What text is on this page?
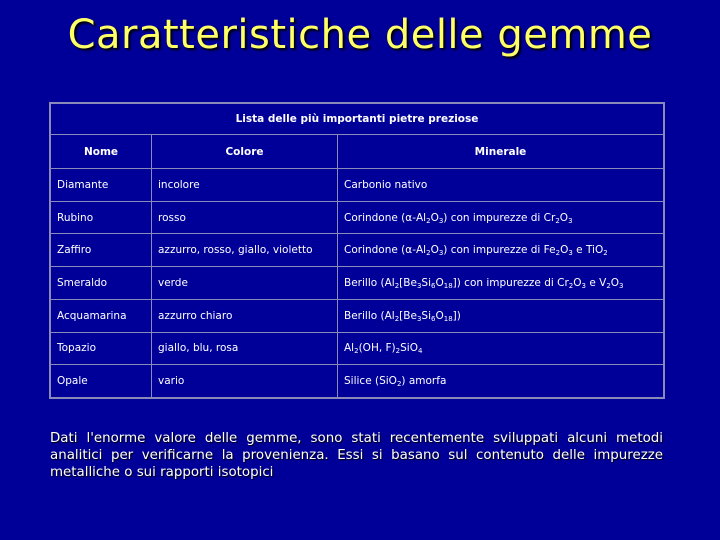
Caratteristiche delle gemme
Lista delle più importanti pietre preziose		
Nome	Colore	Minerale
Diamante	incolore	Carbonio nativo
Rubino	rosso	Corindone $(\alpha-Al_2O_3)$ con impurezze di $Cr_2O_3$
Zaffiro	azzurro, rosso, giallo, violetto	Corindone $(\alpha-Al_2O_3)$ con impurezze di $Fe_2O_3$ e TiO$_2$
Smeraldo	verde	Berillo $(Al_2[Be_3Si_6O_{18}])$ con impurezze di $Cr_2O_3$ e $V_2O_3$
Acquamarina	azzurro chiaro	Berillo $(Al_2[Be_3Si_6O_{18}])$
Topazio	giallo, blu, rosa	$Al_2(OH$, $F)_2SiO_4$
Opale	vario	Silice (SiO$_2$) amorfa
Dati l'enorme valore delle gemme, sono stati recentemente sviluppati alcuni metodi analitici per verificarne la provenienza. Essi si basano sul contenuto delle impurezze metalliche o sui rapporti isotopici
